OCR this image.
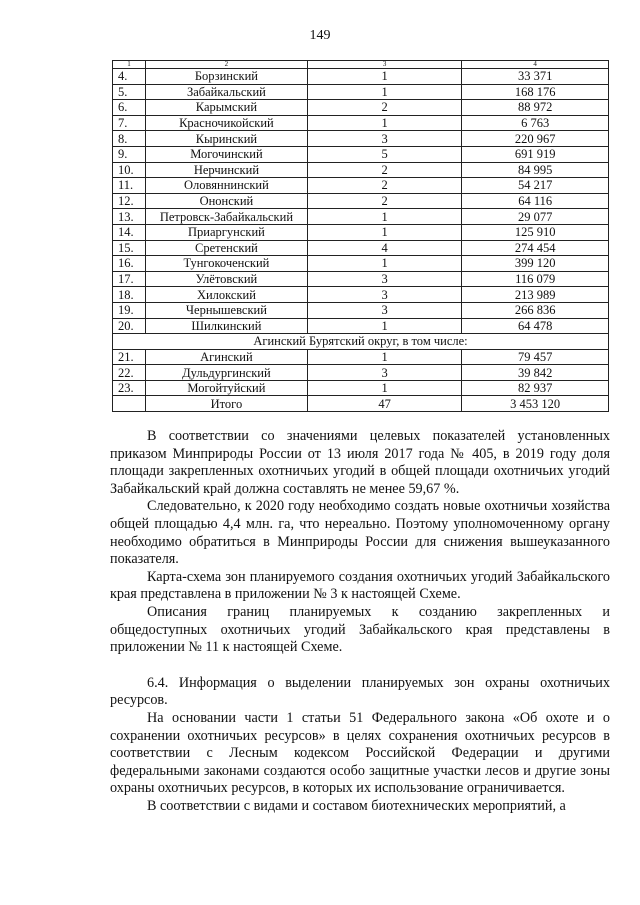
149
1	2	3	4
4.	Борзинский	1	33 371
5.	Забайкальский	1	168 176
6.	Карымский	2	88 972
7.	Красночикойский	1	6 763
8.	Кыринский	3	220 967
9.	Могочинский	5	691 919
10.	Нерчинский	2	84 995
11.	Оловяннинский	2	54 217
12.	Ононский	2	64 116
13.	Петровск-Забайкальский	1	29 077
14.	Приаргунский	1	125 910
15.	Сретенский	4	274 454
16.	Тунгокоченский	1	399 120
17.	Улётовский	3	116 079
18.	Хилокский	3	213 989
19.	Чернышевский	3	266 836
20.	Шилкинский	1	64 478
Агинский Бурятский округ, в том числе:			
21.	Агинский	1	79 457
22.	Дульдургинский	3	39 842
23.	Могойтуйский	1	82 937
	Итого	47	3 453 120

В соответствии со значениями целевых показателей установленных приказом Минприроды России от 13 июля 2017 года № 405, в 2019 году доля площади закрепленных охотничьих угодий в общей площади охотничьих угодий Забайкальский край должна составлять не менее 59,67 %.

Следовательно, к 2020 году необходимо создать новые охотничьи хозяйства общей площадью 4,4 млн. га, что нереально. Поэтому уполномоченному органу необходимо обратиться в Минприроды России для снижения вышеуказанного показателя.

Карта-схема зон планируемого создания охотничьих угодий Забайкальского края представлена в приложении № 3 к настоящей Схеме.

Описания границ планируемых к созданию закрепленных и общедоступных охотничьих угодий Забайкальского края представлены в приложении № 11 к настоящей Схеме.

6.4. Информация о выделении планируемых зон охраны охотничьих ресурсов.

На основании части 1 статьи 51 Федерального закона «Об охоте и о сохранении охотничьих ресурсов» в целях сохранения охотничьих ресурсов в соответствии с Лесным кодексом Российской Федерации и другими федеральными законами создаются особо защитные участки лесов и другие зоны охраны охотничьих ресурсов, в которых их использование ограничивается.

В соответствии с видами и составом биотехнических мероприятий, а
